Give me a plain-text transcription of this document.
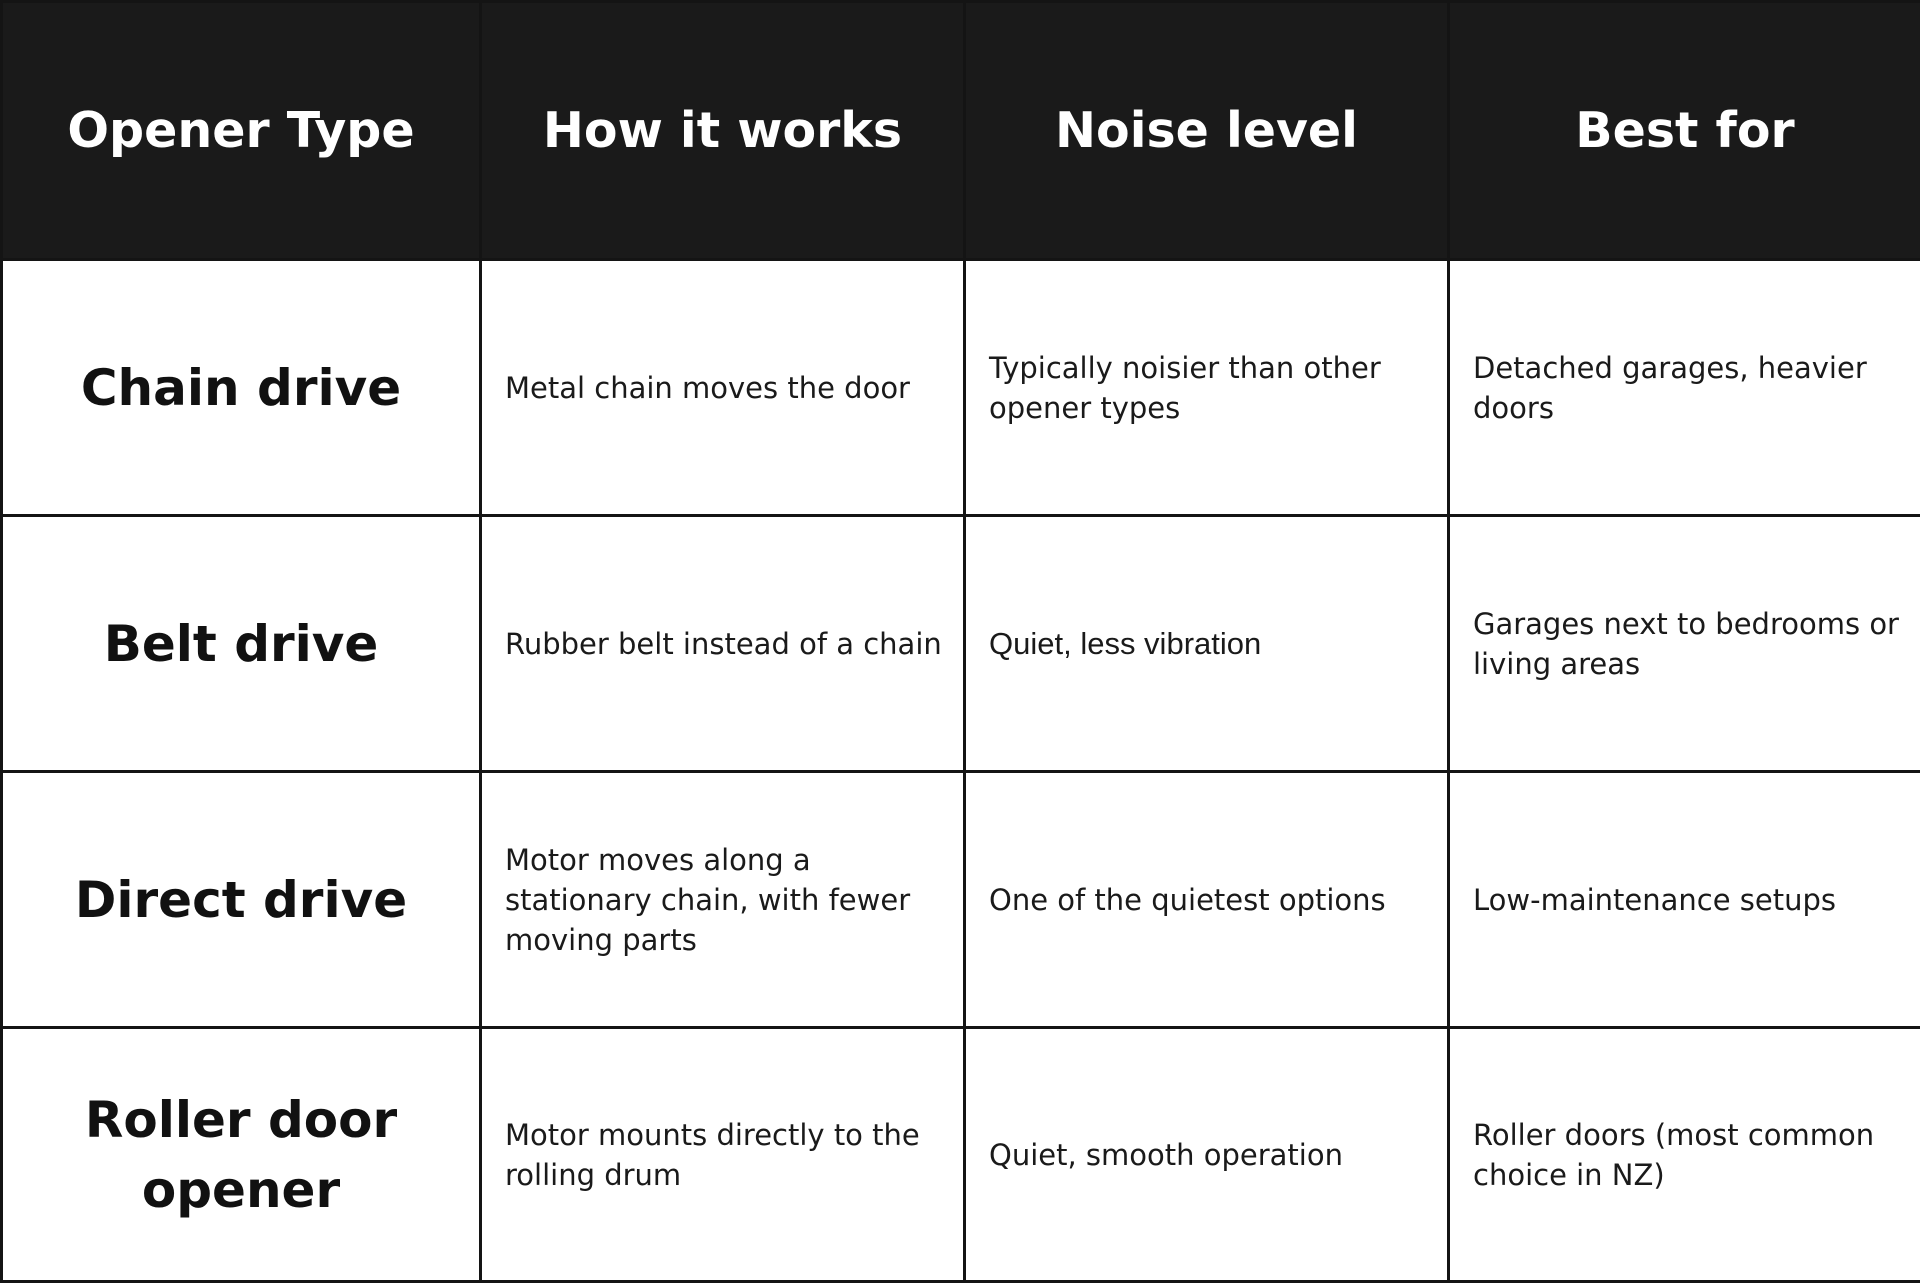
Opener Type	How it works	Noise level	Best for
Chain drive	Metal chain moves the door	Typically noisier than other opener types	Detached garages, heavier doors
Belt drive	Rubber belt instead of a chain	Quiet, less vibration	Garages next to bedrooms or living areas
Direct drive	Motor moves along a stationary chain, with fewer moving parts	One of the quietest options	Low-maintenance setups
Roller door opener	Motor mounts directly to the rolling drum	Quiet, smooth operation	Roller doors (most common choice in NZ)
